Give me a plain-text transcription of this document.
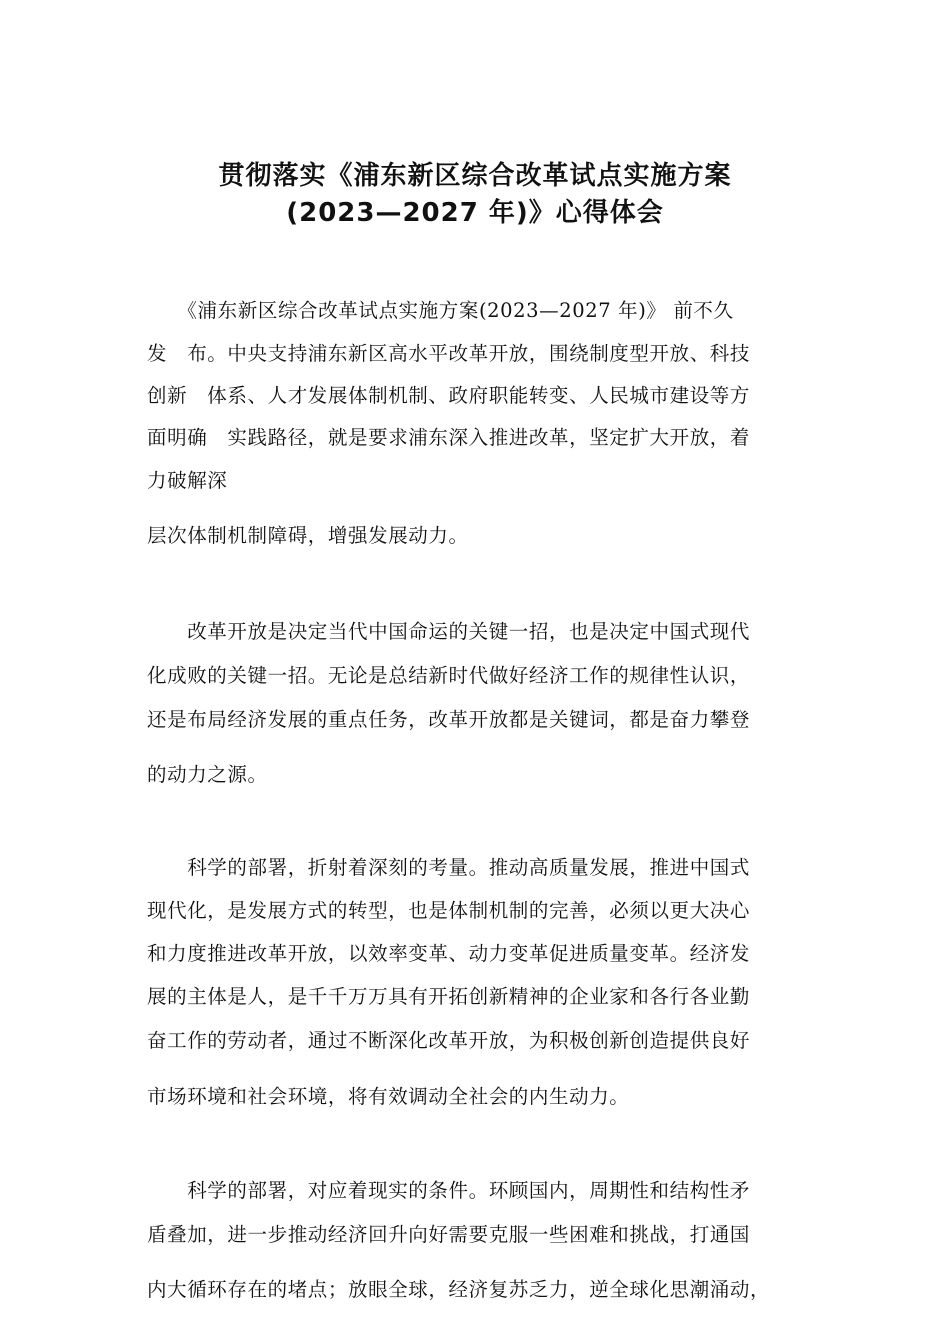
贯彻落实《浦东新区综合改革试点实施方案
(2023—2027 年)》心得体会

　　《浦东新区综合改革试点实施方案(2023—2027 年)》 前不久

发　布。中央支持浦东新区高水平改革开放，围绕制度型开放、科技

创新　体系、人才发展体制机制、政府职能转变、人民城市建设等方

面明确　实践路径，就是要求浦东深入推进改革，坚定扩大开放，着

力破解深

层次体制机制障碍，增强发展动力。

　　改革开放是决定当代中国命运的关键一招，也是决定中国式现代

化成败的关键一招。无论是总结新时代做好经济工作的规律性认识，

还是布局经济发展的重点任务，改革开放都是关键词，都是奋力攀登

的动力之源。

　　科学的部署，折射着深刻的考量。推动高质量发展，推进中国式

现代化，是发展方式的转型，也是体制机制的完善，必须以更大决心

和力度推进改革开放，以效率变革、动力变革促进质量变革。经济发

展的主体是人，是千千万万具有开拓创新精神的企业家和各行各业勤

奋工作的劳动者，通过不断深化改革开放，为积极创新创造提供良好

市场环境和社会环境，将有效调动全社会的内生动力。

　　科学的部署，对应着现实的条件。环顾国内，周期性和结构性矛

盾叠加，进一步推动经济回升向好需要克服一些困难和挑战，打通国

内大循环存在的堵点；放眼全球，经济复苏乏力，逆全球化思潮涌动，
